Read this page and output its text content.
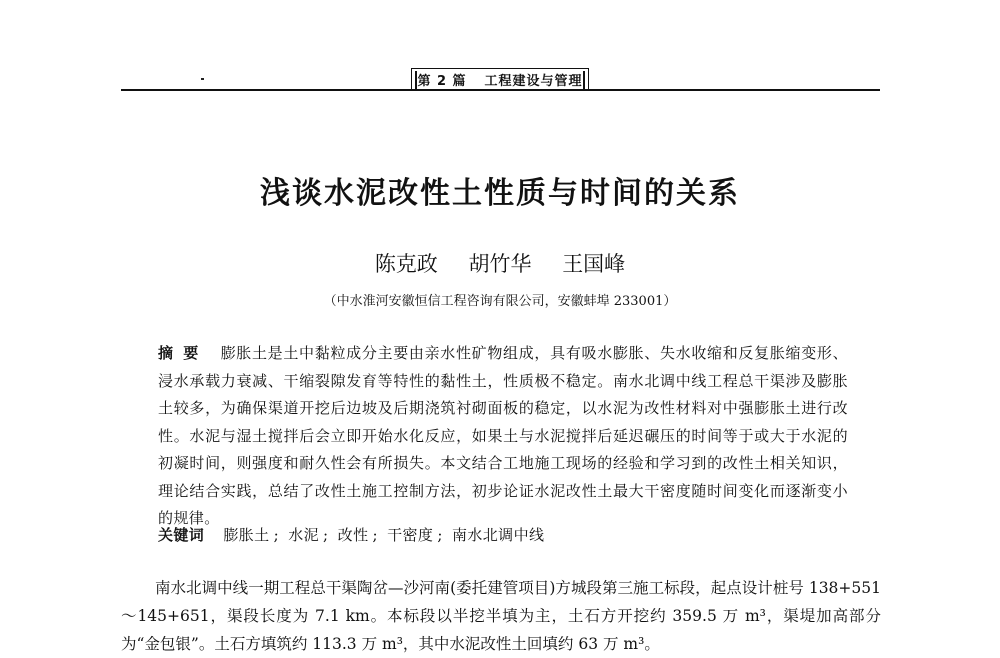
第 2 篇 工程建设与管理
浅谈水泥改性土性质与时间的关系
陈克政 胡竹华 王国峰
（中水淮河安徽恒信工程咨询有限公司，安徽蚌埠 233001）
摘要 膨胀土是土中黏粒成分主要由亲水性矿物组成，具有吸水膨胀、失水收缩和反复胀缩变形、浸水承载力衰减、干缩裂隙发育等特性的黏性土，性质极不稳定。南水北调中线工程总干渠涉及膨胀土较多，为确保渠道开挖后边坡及后期浇筑衬砌面板的稳定，以水泥为改性材料对中强膨胀土进行改性。水泥与湿土搅拌后会立即开始水化反应，如果土与水泥搅拌后延迟碾压的时间等于或大于水泥的初凝时间，则强度和耐久性会有所损失。本文结合工地施工现场的经验和学习到的改性土相关知识，理论结合实践，总结了改性土施工控制方法，初步论证水泥改性土最大干密度随时间变化而逐渐变小的规律。
关键词 膨胀土 ; 水泥 ; 改性 ; 干密度 ; 南水北调中线
南水北调中线一期工程总干渠陶岔—沙河南(委托建管项目)方城段第三施工标段，起点设计桩号 138+551～145+651，渠段长度为 7.1 km。本标段以半挖半填为主，土石方开挖约 359.5 万 m³，渠堤加高部分为“金包银”。土石方填筑约 113.3 万 m³，其中水泥改性土回填约 63 万 m³。
